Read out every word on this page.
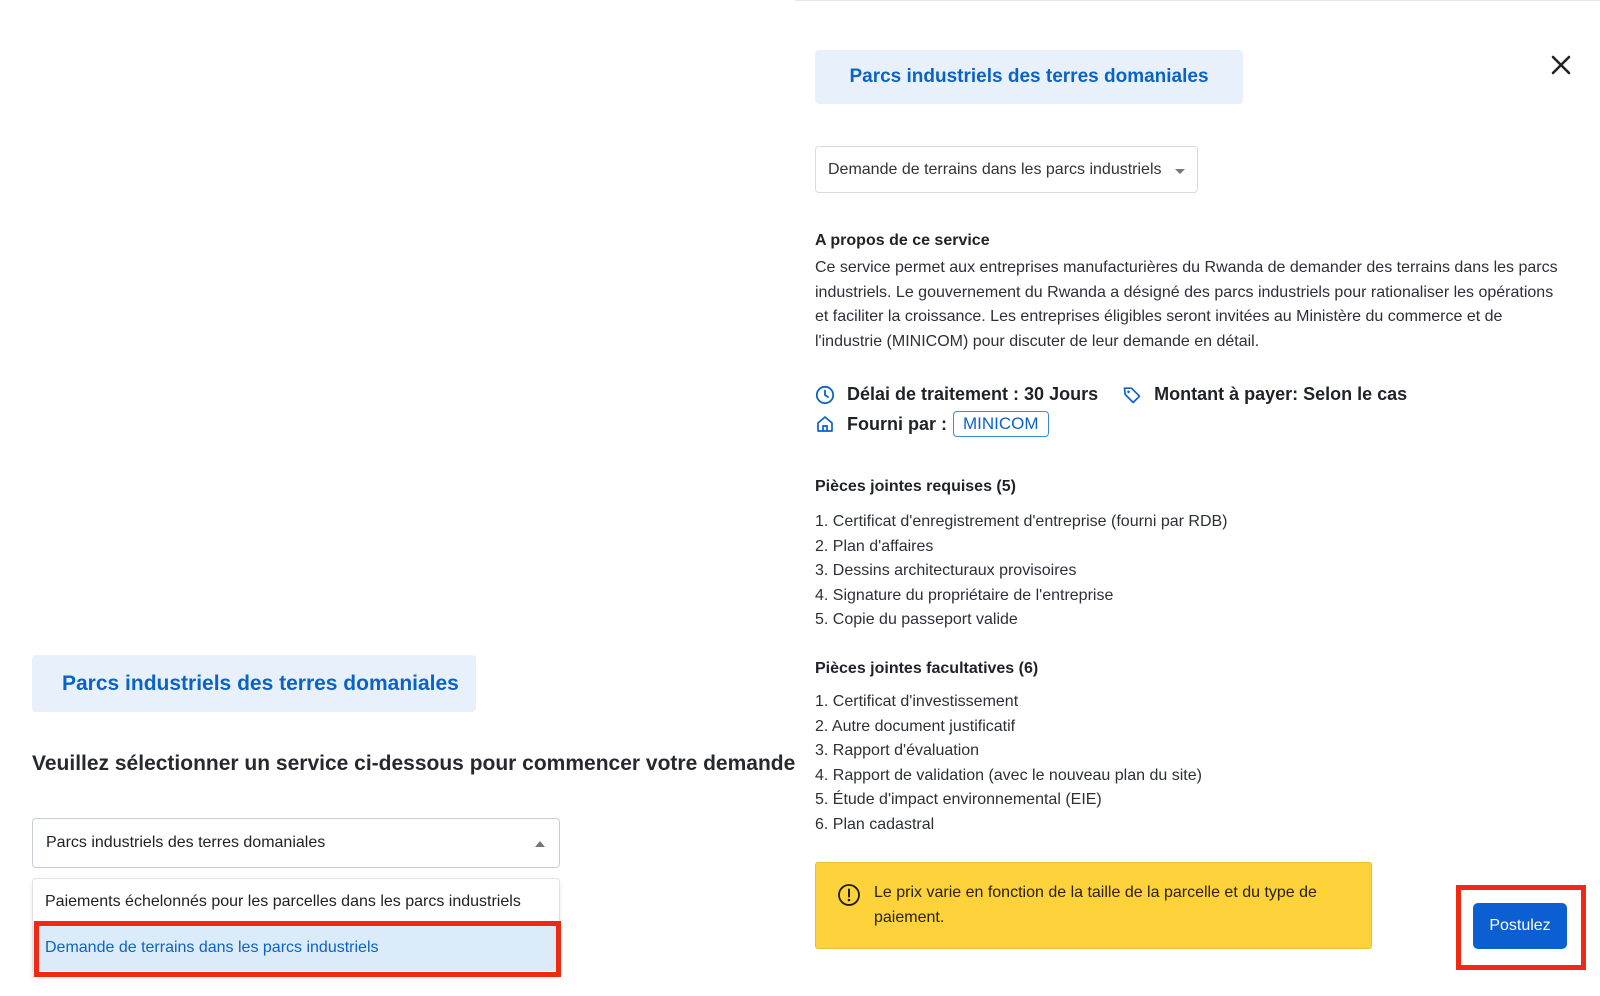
Parcs industriels des terres domaniales
Veuillez sélectionner un service ci-dessous pour commencer votre demande
Parcs industriels des terres domaniales
Paiements échelonnés pour les parcelles dans les parcs industriels
Demande de terrains dans les parcs industriels
Parcs industriels des terres domaniales
Demande de terrains dans les parcs industriels
A propos de ce service
Ce service permet aux entreprises manufacturières du Rwanda de demander des terrains dans les parcs industriels. Le gouvernement du Rwanda a désigné des parcs industriels pour rationaliser les opérations et faciliter la croissance. Les entreprises éligibles seront invitées au Ministère du commerce et de l'industrie (MINICOM) pour discuter de leur demande en détail.
Délai de traitement : 30 Jours	Montant à payer: Selon le cas
Fourni par : MINICOM
Pièces jointes requises (5)
1. Certificat d'enregistrement d'entreprise (fourni par RDB)
2. Plan d'affaires
3. Dessins architecturaux provisoires
4. Signature du propriétaire de l'entreprise
5. Copie du passeport valide
Pièces jointes facultatives (6)
1. Certificat d'investissement
2. Autre document justificatif
3. Rapport d'évaluation
4. Rapport de validation (avec le nouveau plan du site)
5. Étude d'impact environnemental (EIE)
6. Plan cadastral
Le prix varie en fonction de la taille de la parcelle et du type de paiement.	Postulez
